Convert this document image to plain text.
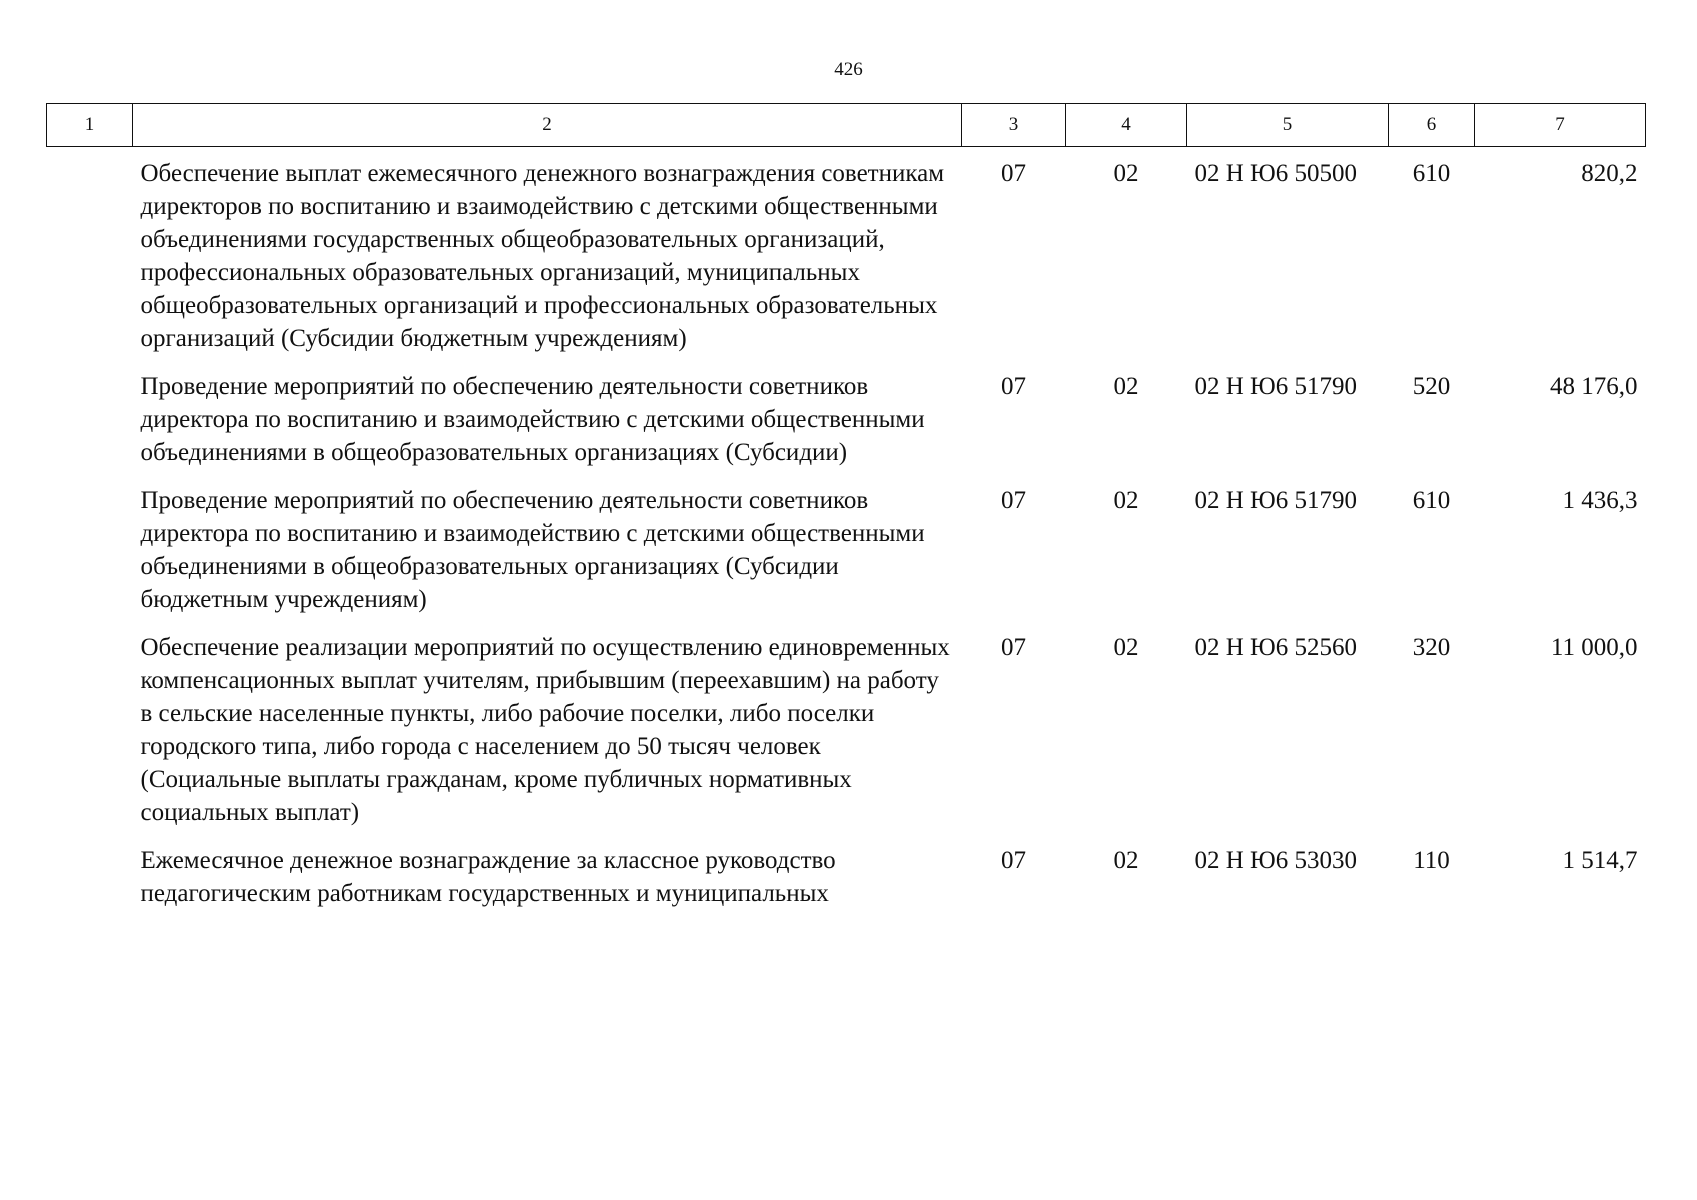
426
1	2	3	4	5	6	7
	Обеспечение выплат ежемесячного денежного вознаграждения советникам директоров по воспитанию и взаимодействию с детскими общественными объединениями государственных общеобразовательных организаций, профессиональных образовательных организаций, муниципальных общеобразовательных организаций и профессиональных образовательных организаций (Субсидии бюджетным учреждениям)	07	02	02 Н Ю6 50500	610	820,2
	Проведение мероприятий по обеспечению деятельности советников директора по воспитанию и взаимодействию с детскими общественными объединениями в общеобразовательных организациях (Субсидии)	07	02	02 Н Ю6 51790	520	48 176,0
	Проведение мероприятий по обеспечению деятельности советников директора по воспитанию и взаимодействию с детскими общественными объединениями в общеобразовательных организациях (Субсидии бюджетным учреждениям)	07	02	02 Н Ю6 51790	610	1 436,3
	Обеспечение реализации мероприятий по осуществлению единовременных компенсационных выплат учителям, прибывшим (переехавшим) на работу в сельские населенные пункты, либо рабочие поселки, либо поселки городского типа, либо города с населением до 50 тысяч человек (Социальные выплаты гражданам, кроме публичных нормативных социальных выплат)	07	02	02 Н Ю6 52560	320	11 000,0
	Ежемесячное денежное вознаграждение за классное руководство педагогическим работникам государственных и муниципальных	07	02	02 Н Ю6 53030	110	1 514,7
